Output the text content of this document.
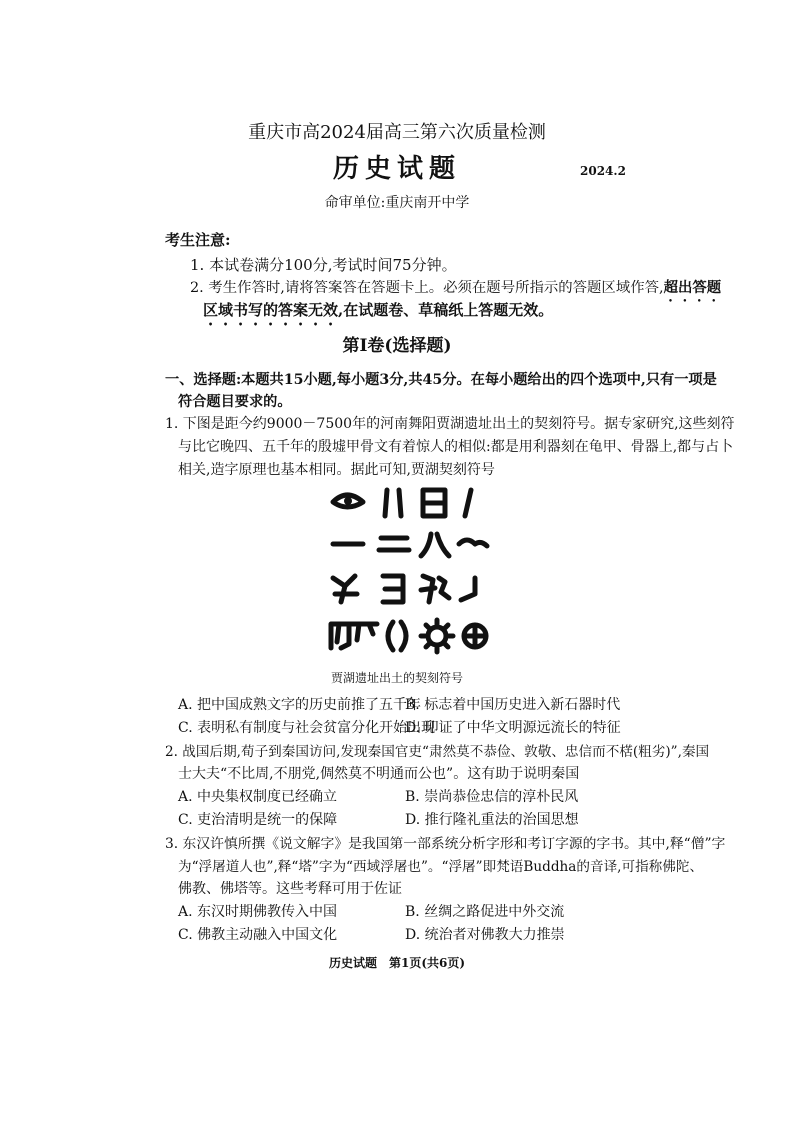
重庆市高2024届高三第六次质量检测
历史试题	2024.2
命审单位:重庆南开中学
考生注意:
1. 本试卷满分100分,考试时间75分钟。
2. 考生作答时,请将答案答在答题卡上。必须在题号所指示的答题区域作答,超出答题
区域书写的答案无效,在试题卷、草稿纸上答题无效。
第Ⅰ卷(选择题)
一、选择题:本题共15小题,每小题3分,共45分。在每小题给出的四个选项中,只有一项是
符合题目要求的。
1. 下图是距今约9000－7500年的河南舞阳贾湖遗址出土的契刻符号。据专家研究,这些刻符
与比它晚四、五千年的殷墟甲骨文有着惊人的相似:都是用利器刻在龟甲、骨器上,都与占卜
相关,造字原理也基本相同。据此可知,贾湖契刻符号
贾湖遗址出土的契刻符号
A. 把中国成熟文字的历史前推了五千年
B. 标志着中国历史进入新石器时代
C. 表明私有制度与社会贫富分化开始出现
D. 印证了中华文明源远流长的特征
2. 战国后期,荀子到秦国访问,发现秦国官吏“肃然莫不恭俭、敦敬、忠信而不楛(粗劣)”,秦国
士大夫“不比周,不朋党,倜然莫不明通而公也”。这有助于说明秦国
A. 中央集权制度已经确立	B. 崇尚恭俭忠信的淳朴民风
C. 吏治清明是统一的保障	D. 推行隆礼重法的治国思想
3. 东汉许慎所撰《说文解字》是我国第一部系统分析字形和考订字源的字书。其中,释“僧”字
为“浮屠道人也”,释“塔”字为“西域浮屠也”。“浮屠”即梵语Buddha的音译,可指称佛陀、
佛教、佛塔等。这些考释可用于佐证
A. 东汉时期佛教传入中国	B. 丝绸之路促进中外交流
C. 佛教主动融入中国文化	D. 统治者对佛教大力推崇
历史试题　第1页(共6页)
